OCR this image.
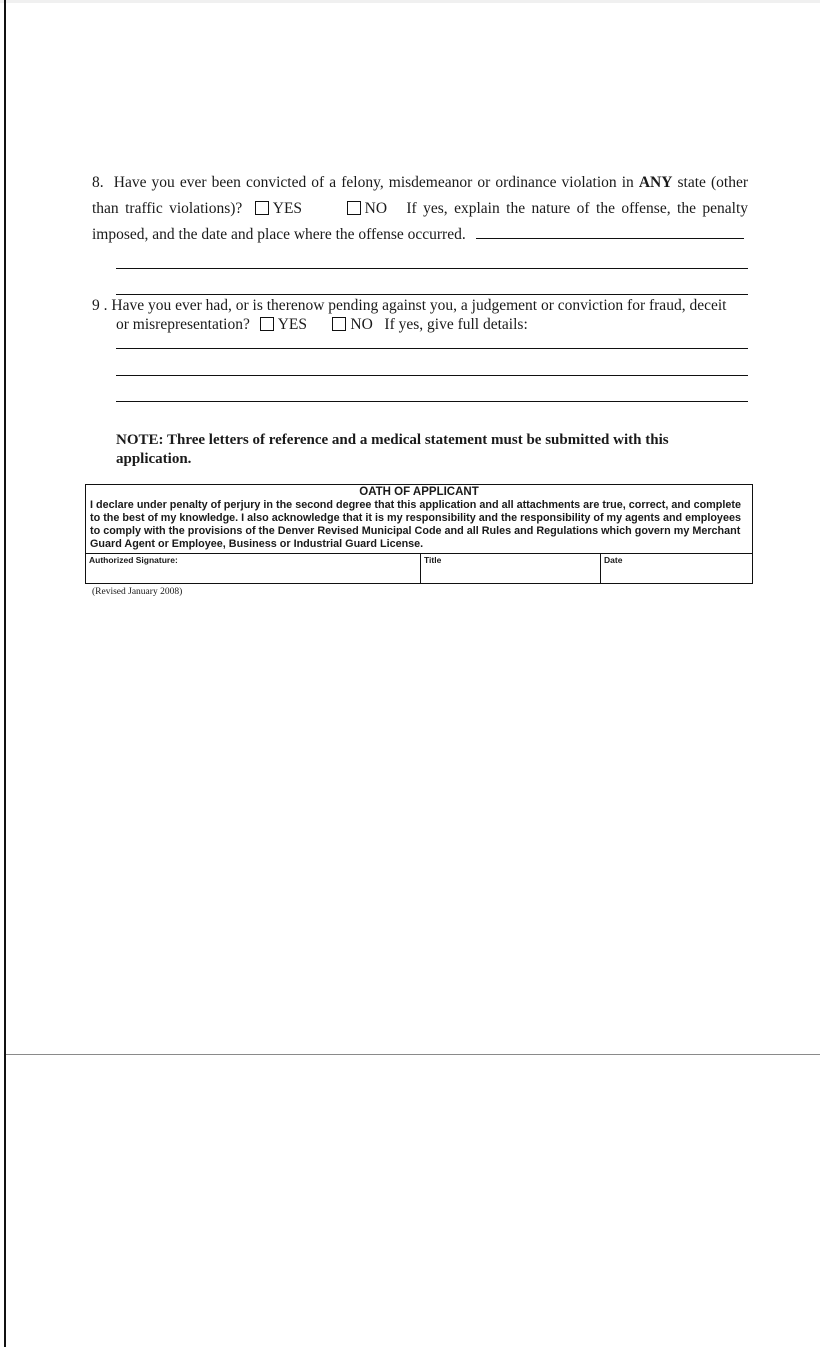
8. Have you ever been convicted of a felony, misdemeanor or ordinance violation in ANY state (other than traffic violations)? YES	NO If yes, explain the nature of the offense, the penalty imposed, and the date and place where the offense occurred.
9 . Have you ever had, or is therenow pending against you, a judgement or conviction for fraud, deceit
or misrepresentation? YES	NO If yes, give full details:
NOTE: Three letters of reference and a medical statement must be submitted with this application.
OATH OF APPLICANT
I declare under penalty of perjury in the second degree that this application and all attachments are true, correct, and complete to the best of my knowledge. I also acknowledge that it is my responsibility and the responsibility of my agents and employees to comply with the provisions of the Denver Revised Municipal Code and all Rules and Regulations which govern my Merchant Guard Agent or Employee, Business or Industrial Guard License.
Authorized Signature:	Title	Date
(Revised January 2008)
